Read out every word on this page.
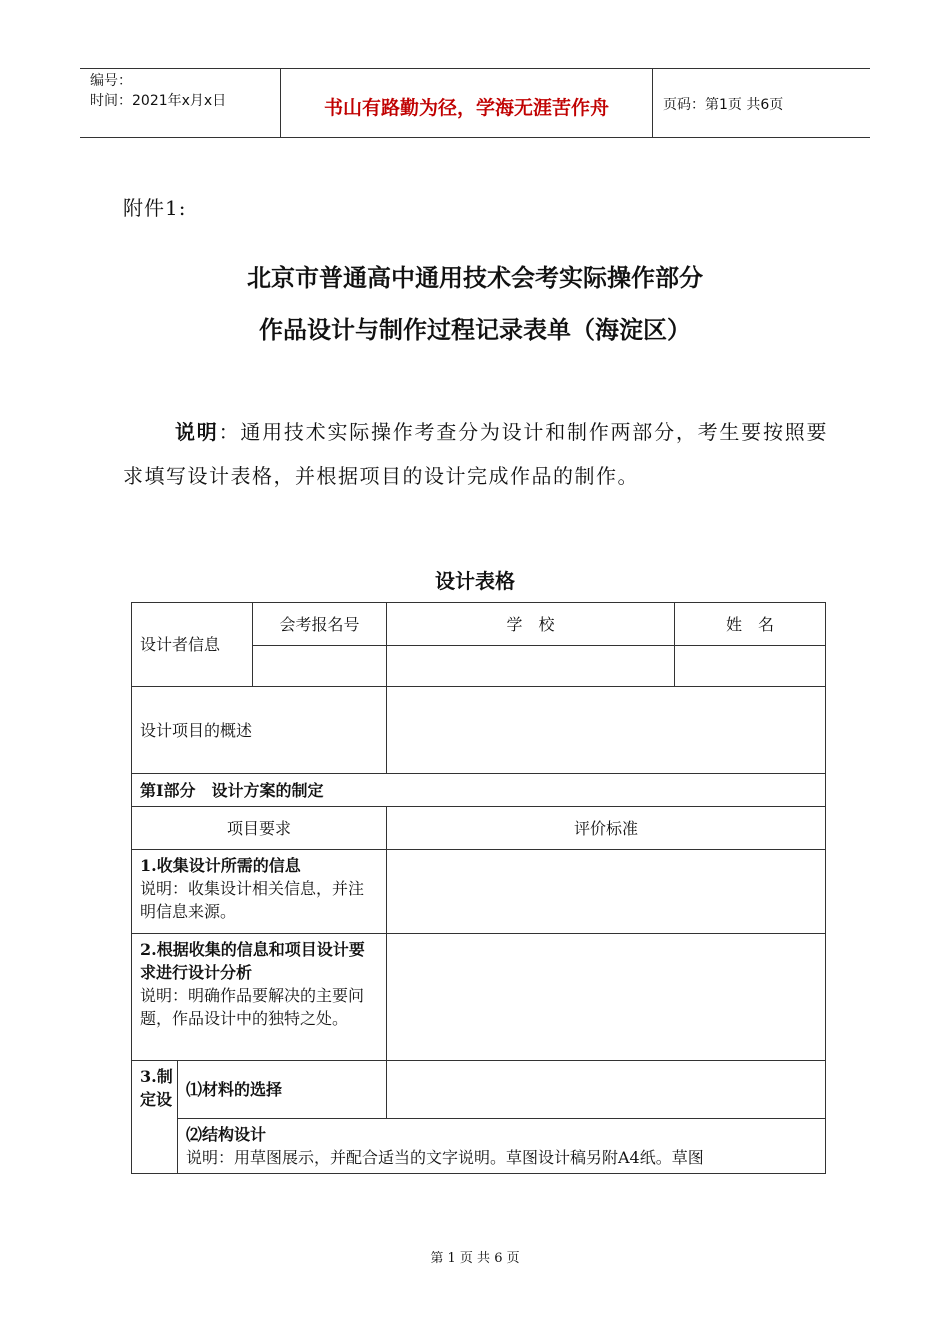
编号：
时间：2021年x月x日	书山有路勤为径，学海无涯苦作舟	页码：第1页 共6页
附件1:
北京市普通高中通用技术会考实际操作部分
作品设计与制作过程记录表单（海淀区）
说明：通用技术实际操作考查分为设计和制作两部分，考生要按照要求填写设计表格，并根据项目的设计完成作品的制作。
设计表格
设计者信息		会考报名号	学　校	姓　名

设计项目的概述				
第Ⅰ部分　设计方案的制定				
项目要求			评价标准	

1.收集设计所需的信息
说明：收集设计相关信息，并注明信息来源。				

2.根据收集的信息和项目设计要求进行设计分析
说明：明确作品要解决的主要问题，作品设计中的独特之处。				

3.制定设	⑴材料的选择			

	⑵结构设计
说明：用草图展示，并配合适当的文字说明。草图设计稿另附A4纸。草图			
第 1 页 共 6 页
